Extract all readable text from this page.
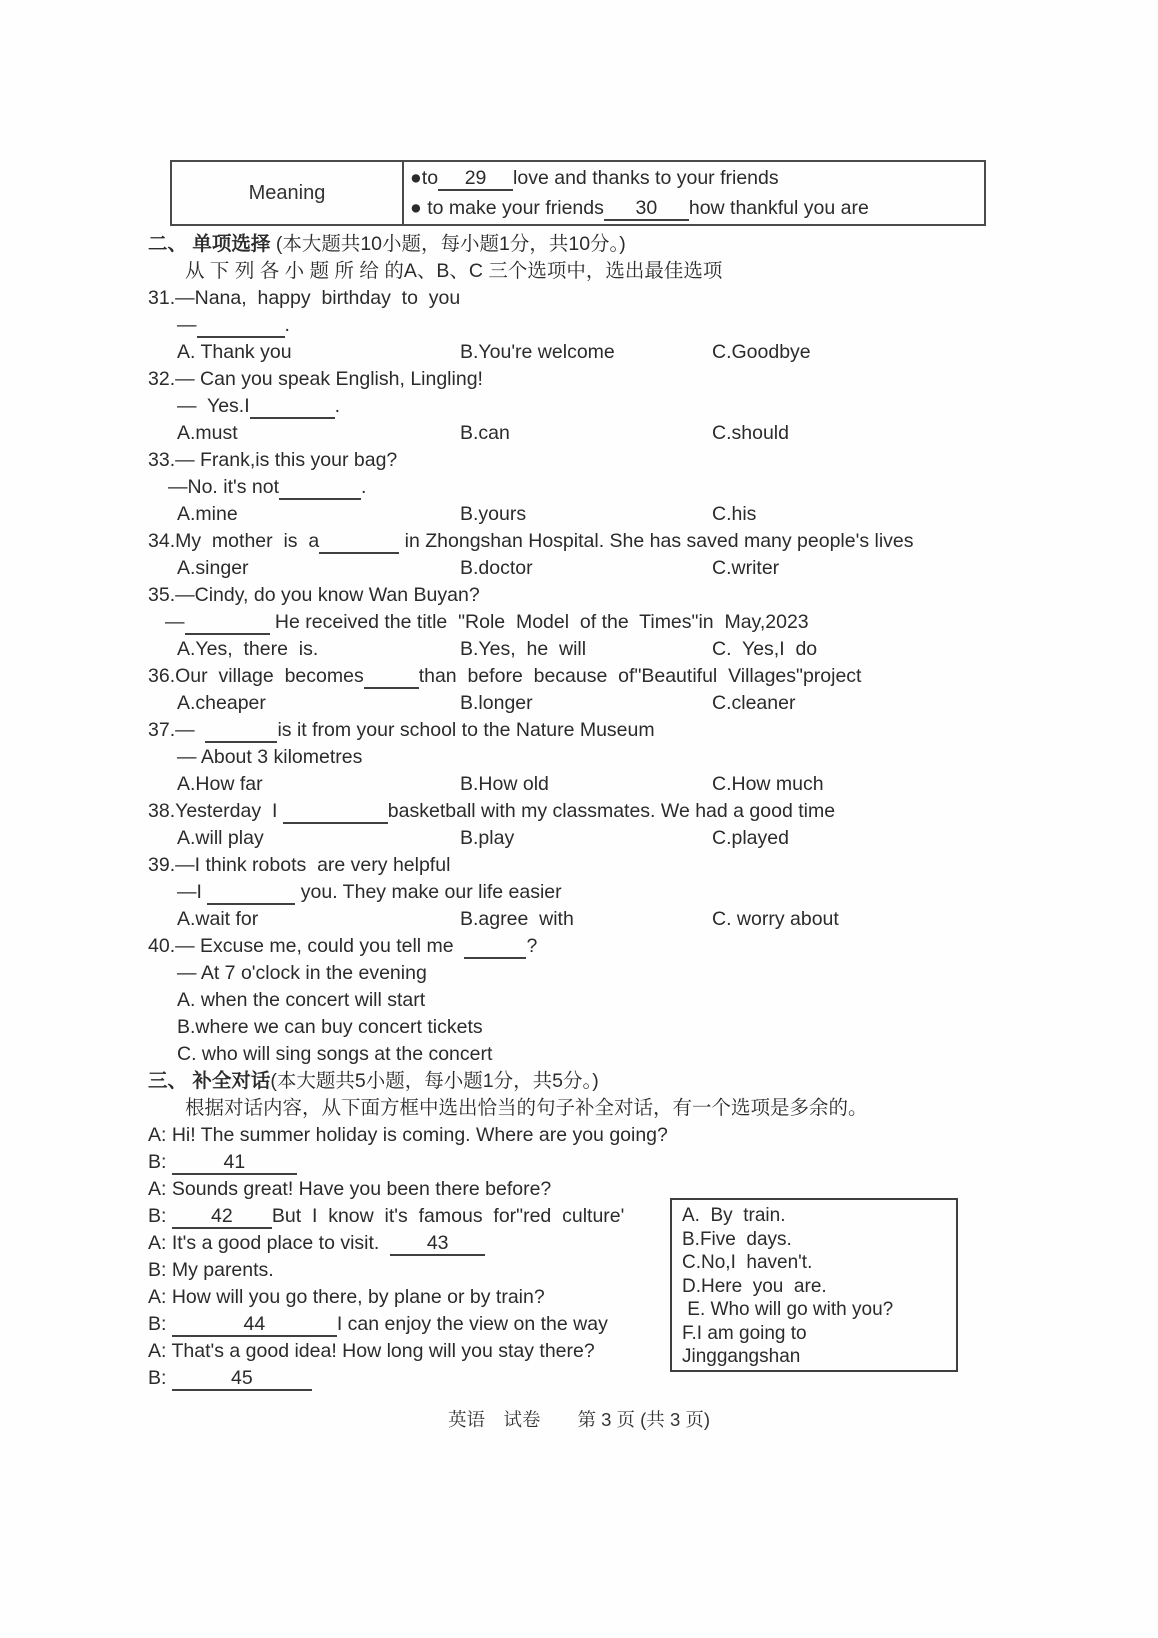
Meaning	
●to 29 love and thanks to your friends
● to make your friends 30 how thankful you are
二、 单项选择 (本大题共10小题，每小题1分，共10分。)
从 下 列 各 小 题 所 给 的A、B、C 三个选项中，选出最佳选项
31.—Nana,  happy  birthday  to  you
—	.
A. Thank you	B.You're welcome	C.Goodbye
32.— Can you speak English, Lingling!
—  Yes.I	.
A.must	B.can	C.should
33.— Frank,is this your bag?
—No. it's not	.
A.mine	B.yours	C.his
34.My  mother  is  a	in Zhongshan Hospital. She has saved many people's lives
A.singer	B.doctor	C.writer
35.—Cindy, do you know Wan Buyan?
—	He received the title  "Role  Model  of the  Times"in  May,2023
A.Yes,  there  is.	B.Yes,  he  will	C.  Yes,I  do
36.Our  village  becomes	than  before  because  of"Beautiful  Villages"project
A.cheaper	B.longer	C.cleaner
37.—	is it from your school to the Nature Museum
— About 3 kilometres
A.How far	B.How old	C.How much
38.Yesterday  I	basketball with my classmates. We had a good time
A.will play	B.play	C.played
39.—I think robots  are very helpful
—I	you. They make our life easier
A.wait for	B.agree  with	C. worry about
40.— Excuse me, could you tell me	?
— At 7 o'clock in the evening
A. when the concert will start
B.where we can buy concert tickets
C. who will sing songs at the concert
三、 补全对话(本大题共5小题，每小题1分，共5分。)
根据对话内容，从下面方框中选出恰当的句子补全对话，有一个选项是多余的。
A: Hi! The summer holiday is coming. Where are you going?
B:	41
A: Sounds great! Have you been there before?
B: 42 But  I  know  it's  famous  for"red  culture'
A: It's a good place to visit.  43
B: My parents.
A: How will you go there, by plane or by train?
B:	44	I can enjoy the view on the way
A: That's a good idea! How long will you stay there?
B:	45
A.  By  train.
B.Five  days.
C.No,I  haven't.
D.Here  you  are.
E. Who will go with you?
F.I am going to
Jinggangshan
英语　试卷　　第 3 页 (共 3 页)
